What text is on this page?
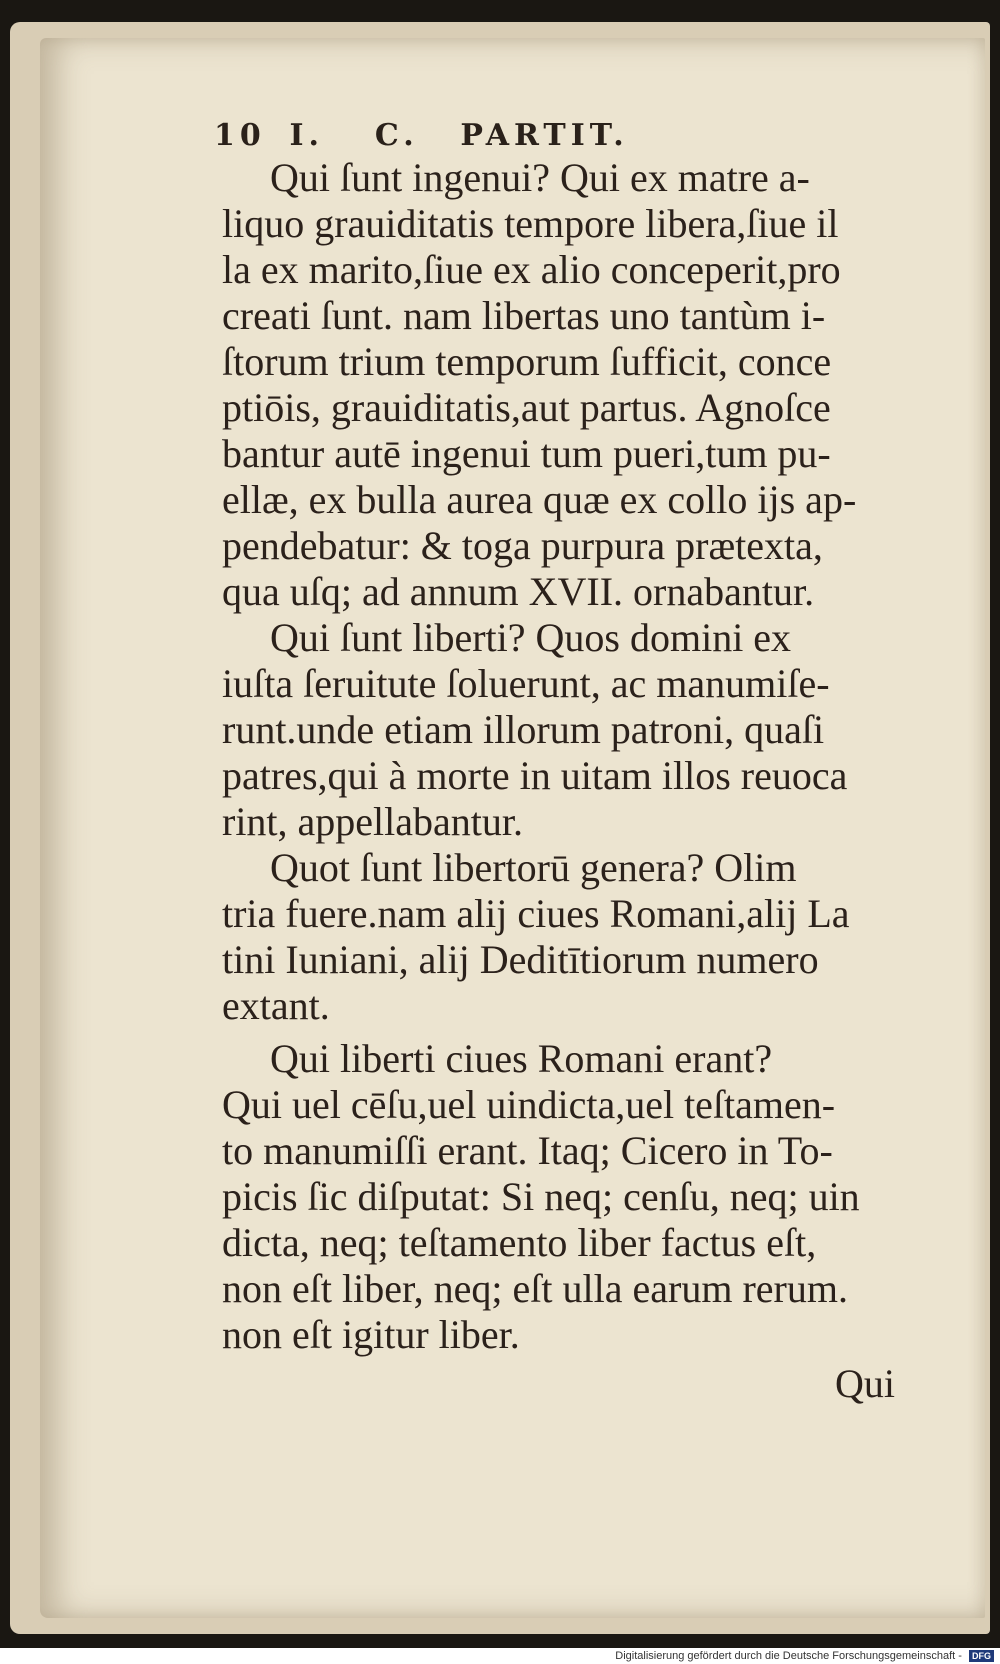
10 I. C. PARTIT.
Qui ſunt ingenui? Qui ex matre a-
liquo grauiditatis tempore libera,ſiue il
la ex marito,ſiue ex alio conceperit,pro
creati ſunt. nam libertas uno tantùm i-
ſtorum trium temporum ſufficit, conce
ptiōis, grauiditatis,aut partus. Agnoſce
bantur autē ingenui tum pueri,tum pu-
ellæ, ex bulla aurea quæ ex collo ijs ap-
pendebatur: & toga purpura prætexta,
qua uſq; ad annum XVII. ornabantur.
Qui ſunt liberti? Quos domini ex
iuſta ſeruitute ſoluerunt, ac manumiſe-
runt.unde etiam illorum patroni, quaſi
patres,qui à morte in uitam illos reuoca
rint, appellabantur.
Quot ſunt libertorū genera? Olim
tria fuere.nam alij ciues Romani,alij La
tini Iuniani, alij Deditītiorum numero
extant.
Qui liberti ciues Romani erant?
Qui uel cēſu,uel uindicta,uel teſtamen-
to manumiſſi erant. Itaq; Cicero in To-
picis ſic diſputat: Si neq; cenſu, neq; uin
dicta, neq; teſtamento liber factus eſt,
non eſt liber, neq; eſt ulla earum rerum.
non eſt igitur liber.
Qui
Digitalisierung gefördert durch die Deutsche Forschungsgemeinschaft - DFG
